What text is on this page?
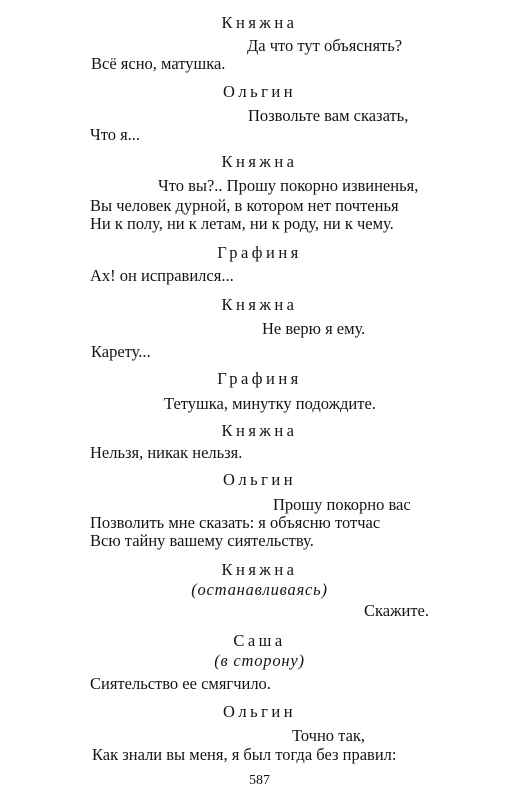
Княжна
Да что тут объяснять?
Всё ясно, матушка.
Ольгин
Позвольте вам сказать,
Что я...
Княжна
Что вы?.. Прошу покорно извиненья,
Вы человек дурной, в котором нет почтенья
Ни к полу, ни к летам, ни к роду, ни к чему.
Графиня
Ах! он исправился...
Княжна
Не верю я ему.
Карету...
Графиня
Тетушка, минутку подождите.
Княжна
Нельзя, никак нельзя.
Ольгин
Прошу покорно вас
Позволить мне сказать: я объясню тотчас
Всю тайну вашему сиятельству.
Княжна
(останавливаясь)
Скажите.
Саша
(в сторону)
Сиятельство ее смягчило.
Ольгин
Точно так,
Как знали вы меня, я был тогда без правил:
587
